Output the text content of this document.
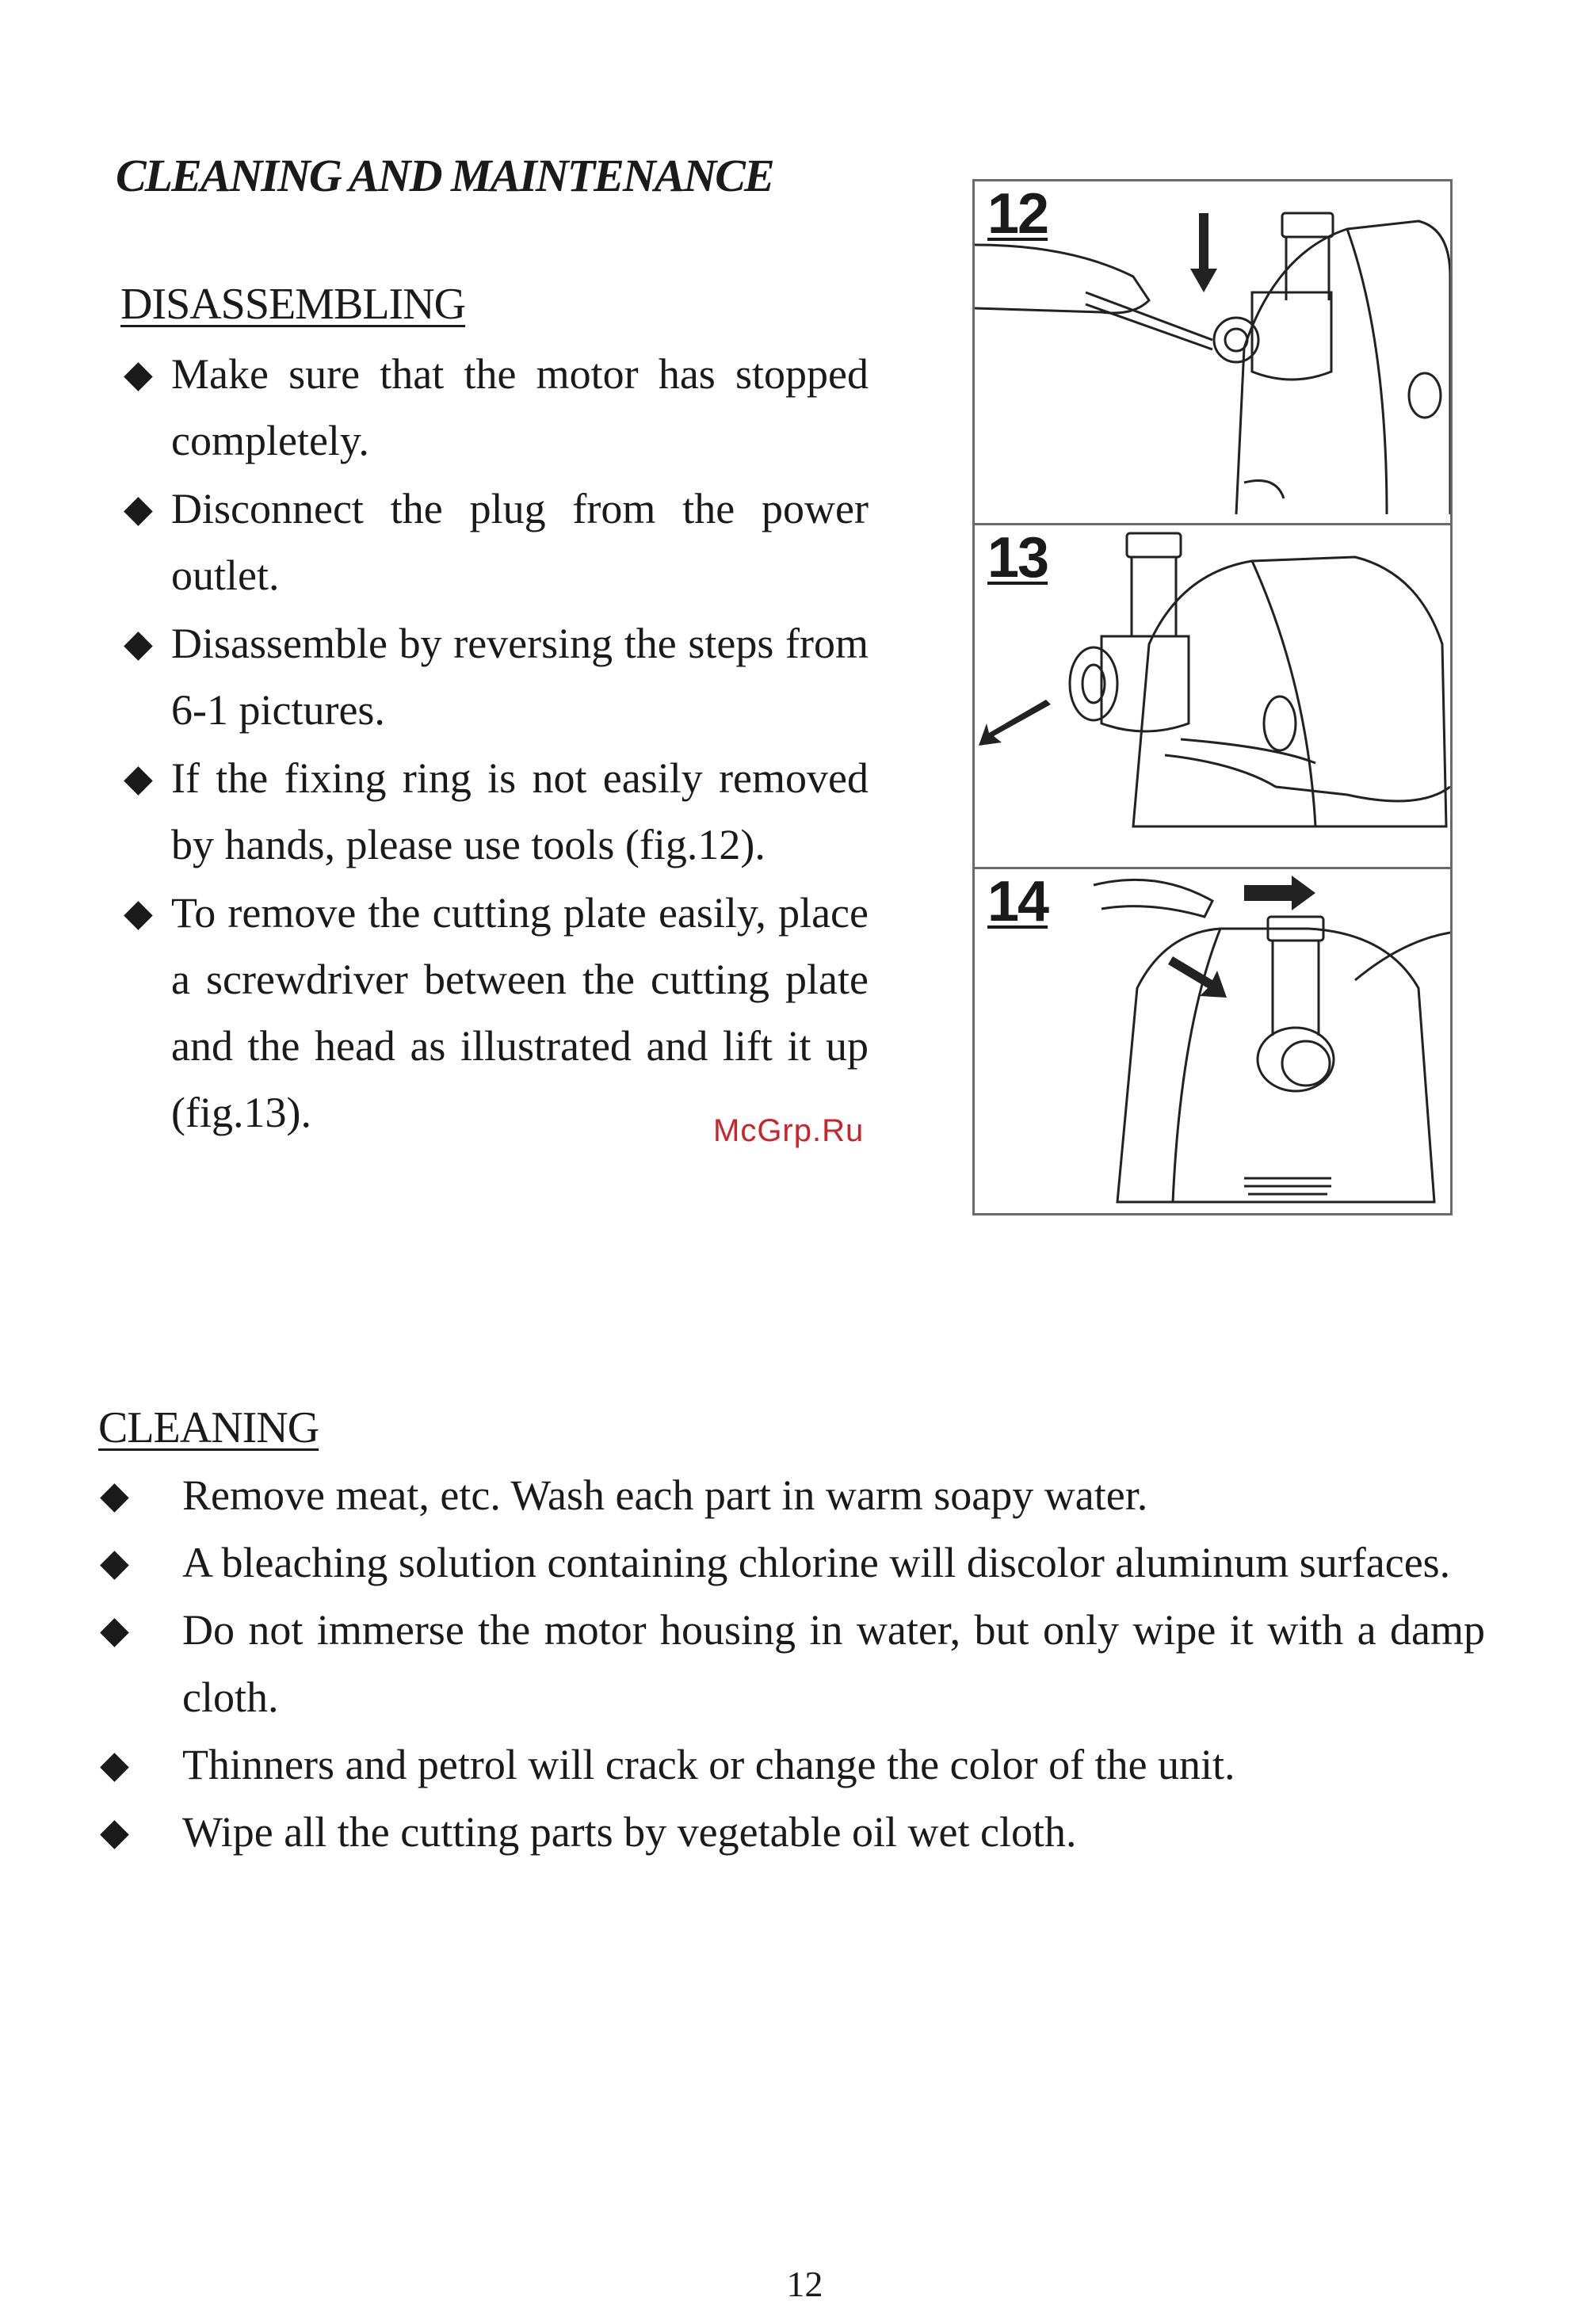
CLEANING AND MAINTENANCE
DISASSEMBLING
◆ Make sure that the motor has stopped completely.
◆ Disconnect the plug from the power outlet.
◆ Disassemble by reversing the steps from 6-1 pictures.
◆ If the fixing ring is not easily removed by hands, please use tools (fig.12).
◆ To remove the cutting plate easily, place a screwdriver between the cutting plate and the head as illustrated and lift it up (fig.13).
12
13
14
McGrp.Ru
CLEANING
◆ Remove meat, etc. Wash each part in warm soapy water.
◆ A bleaching solution containing chlorine will discolor aluminum surfaces.
◆ Do not immerse the motor housing in water, but only wipe it with a damp cloth.
◆ Thinners and petrol will crack or change the color of the unit.
◆ Wipe all the cutting parts by vegetable oil wet cloth.
12
